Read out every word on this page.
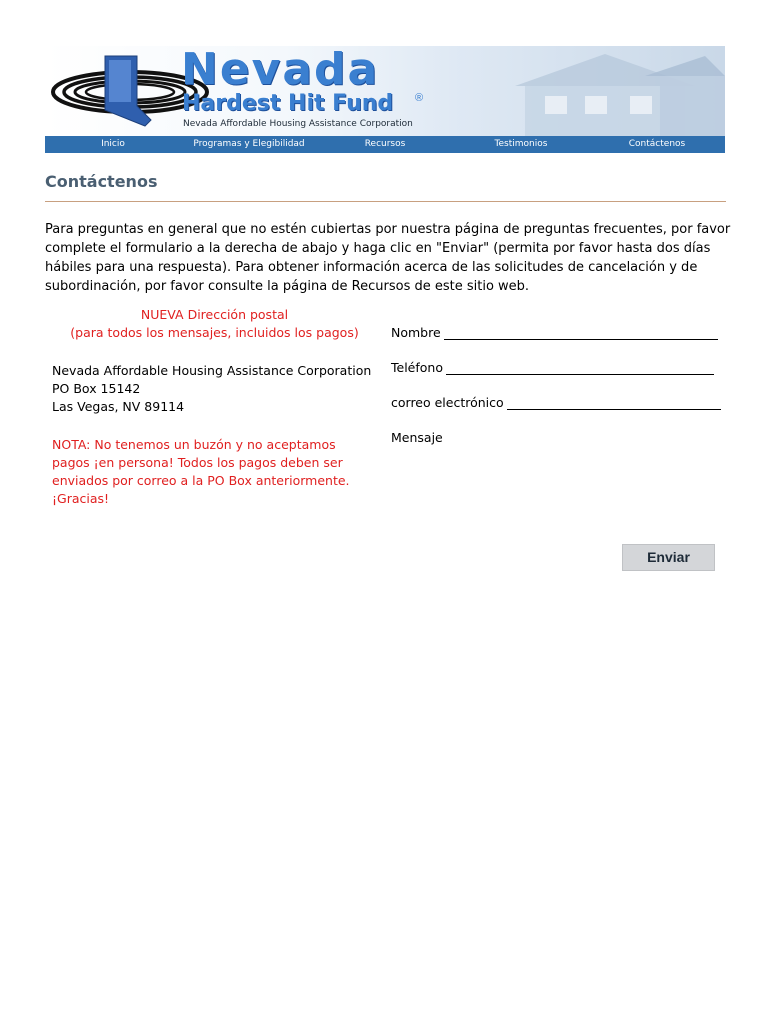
Nevada
Hardest Hit Fund ®
Nevada Affordable Housing Assistance Corporation
Inicio	Programas y Elegibilidad	Recursos	Testimonios	Contáctenos
Contáctenos
Para preguntas en general que no estén cubiertas por nuestra página de preguntas frecuentes, por favor complete el formulario a la derecha de abajo y haga clic en "Enviar" (permita por favor hasta dos días hábiles para una respuesta). Para obtener información acerca de las solicitudes de cancelación y de subordinación, por favor consulte la página de Recursos de este sitio web.
NUEVA Dirección postal
(para todos los mensajes, incluidos los pagos)
Nevada Affordable Housing Assistance Corporation
PO Box 15142
Las Vegas, NV 89114
NOTA: No tenemos un buzón y no aceptamos pagos ¡en persona! Todos los pagos deben ser enviados por correo a la PO Box anteriormente. ¡Gracias!
Nombre
Teléfono
correo electrónico
Mensaje
Enviar
